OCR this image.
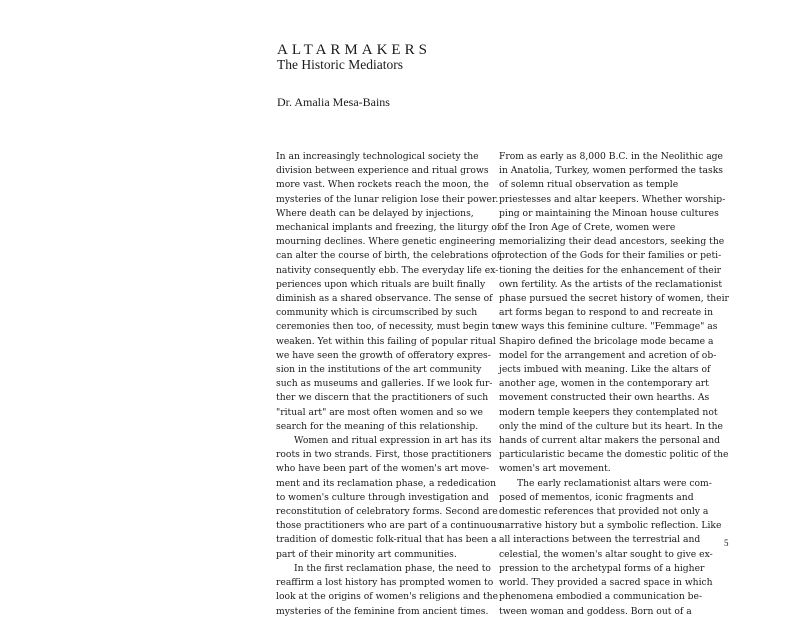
ALTARMAKERS
The Historic Mediators
Dr. Amalia Mesa-Bains
In an increasingly technological society the
division between experience and ritual grows
more vast. When rockets reach the moon, the
mysteries of the lunar religion lose their power.
Where death can be delayed by injections,
mechanical implants and freezing, the liturgy of
mourning declines. Where genetic engineering
can alter the course of birth, the celebrations of
nativity consequently ebb. The everyday life ex-
periences upon which rituals are built finally
diminish as a shared observance. The sense of
community which is circumscribed by such
ceremonies then too, of necessity, must begin to
weaken. Yet within this failing of popular ritual
we have seen the growth of offeratory expres-
sion in the institutions of the art community
such as museums and galleries. If we look fur-
ther we discern that the practitioners of such
"ritual art" are most often women and so we
search for the meaning of this relationship.
Women and ritual expression in art has its
roots in two strands. First, those practitioners
who have been part of the women's art move-
ment and its reclamation phase, a rededication
to women's culture through investigation and
reconstitution of celebratory forms. Second are
those practitioners who are part of a continuous
tradition of domestic folk-ritual that has been a
part of their minority art communities.
In the first reclamation phase, the need to
reaffirm a lost history has prompted women to
look at the origins of women's religions and the
mysteries of the feminine from ancient times.
From as early as 8,000 B.C. in the Neolithic age
in Anatolia, Turkey, women performed the tasks
of solemn ritual observation as temple
priestesses and altar keepers. Whether worship-
ping or maintaining the Minoan house cultures
of the Iron Age of Crete, women were
memorializing their dead ancestors, seeking the
protection of the Gods for their families or peti-
tioning the deities for the enhancement of their
own fertility. As the artists of the reclamationist
phase pursued the secret history of women, their
art forms began to respond to and recreate in
new ways this feminine culture. "Femmage" as
Shapiro defined the bricolage mode became a
model for the arrangement and acretion of ob-
jects imbued with meaning. Like the altars of
another age, women in the contemporary art
movement constructed their own hearths. As
modern temple keepers they contemplated not
only the mind of the culture but its heart. In the
hands of current altar makers the personal and
particularistic became the domestic politic of the
women's art movement.
The early reclamationist altars were com-
posed of mementos, iconic fragments and
domestic references that provided not only a
narrative history but a symbolic reflection. Like
all interactions between the terrestrial and
celestial, the women's altar sought to give ex-
pression to the archetypal forms of a higher
world. They provided a sacred space in which
phenomena embodied a communication be-
tween woman and goddess. Born out of a
5
